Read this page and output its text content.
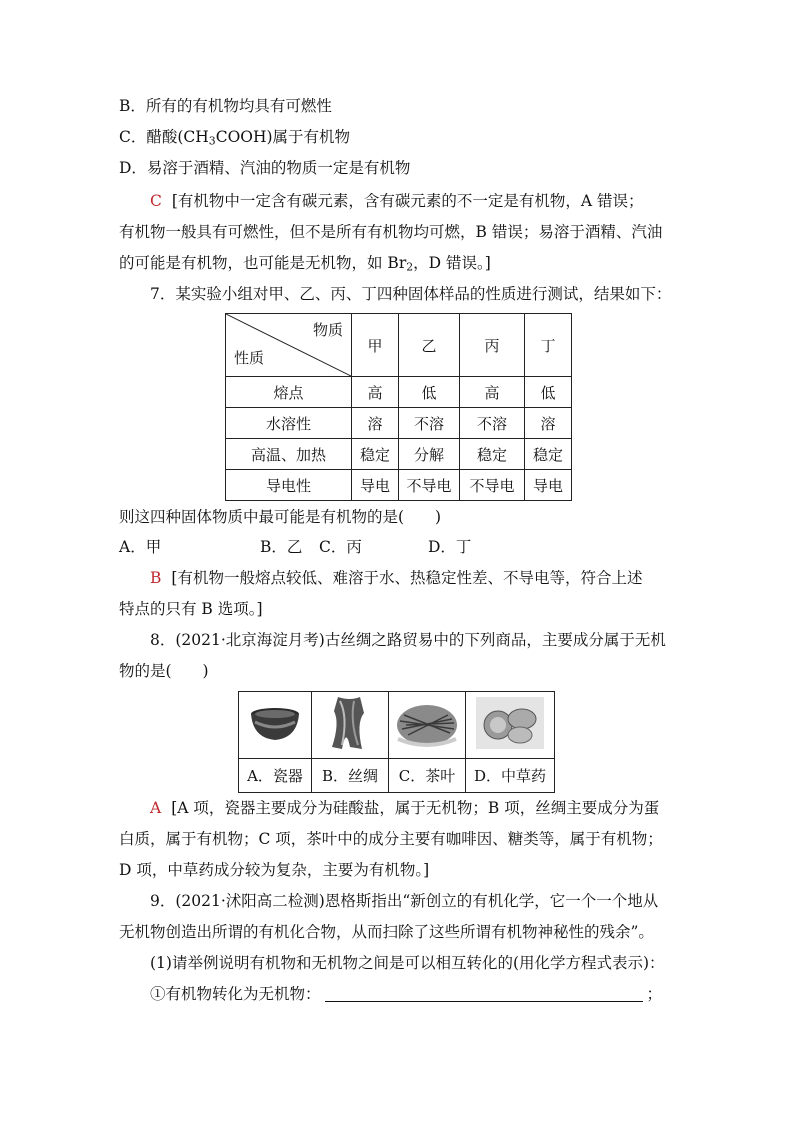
B．所有的有机物均具有可燃性
C．醋酸$(CH_3COOH)$属于有机物
D．易溶于酒精、汽油的物质一定是有机物
C [有机物中一定含有碳元素，含有碳元素的不一定是有机物，A 错误；
有机物一般具有可燃性，但不是所有有机物均可燃，B 错误；易溶于酒精、汽油
的可能是有机物，也可能是无机物，如 $Br_2$，D 错误。]
7．某实验小组对甲、乙、丙、丁四种固体样品的性质进行测试，结果如下：
物质
性质	甲	乙	丙	丁
熔点	高	低	高	低
水溶性	溶	不溶	不溶	溶
高温、加热	稳定	分解	稳定	稳定
导电性	导电	不导电	不导电	导电
则这四种固体物质中最可能是有机物的是(　　)
A．甲	B．乙 C．丙	D．丁
B [有机物一般熔点较低、难溶于水、热稳定性差、不导电等，符合上述
特点的只有 B 选项。]
8．(2021·北京海淀月考)古丝绸之路贸易中的下列商品，主要成分属于无机
物的是(　　)

A．瓷器	B．丝绸	C．茶叶	D．中草药
A [A 项，瓷器主要成分为硅酸盐，属于无机物；B 项，丝绸主要成分为蛋
白质，属于有机物；C 项，茶叶中的成分主要有咖啡因、糖类等，属于有机物；
D 项，中草药成分较为复杂，主要为有机物。]
9．(2021·沭阳高二检测)恩格斯指出“新创立的有机化学，它一个一个地从
无机物创造出所谓的有机化合物，从而扫除了这些所谓有机物神秘性的残余”。
(1)请举例说明有机物和无机物之间是可以相互转化的(用化学方程式表示)：
①有机物转化为无机物：	；
